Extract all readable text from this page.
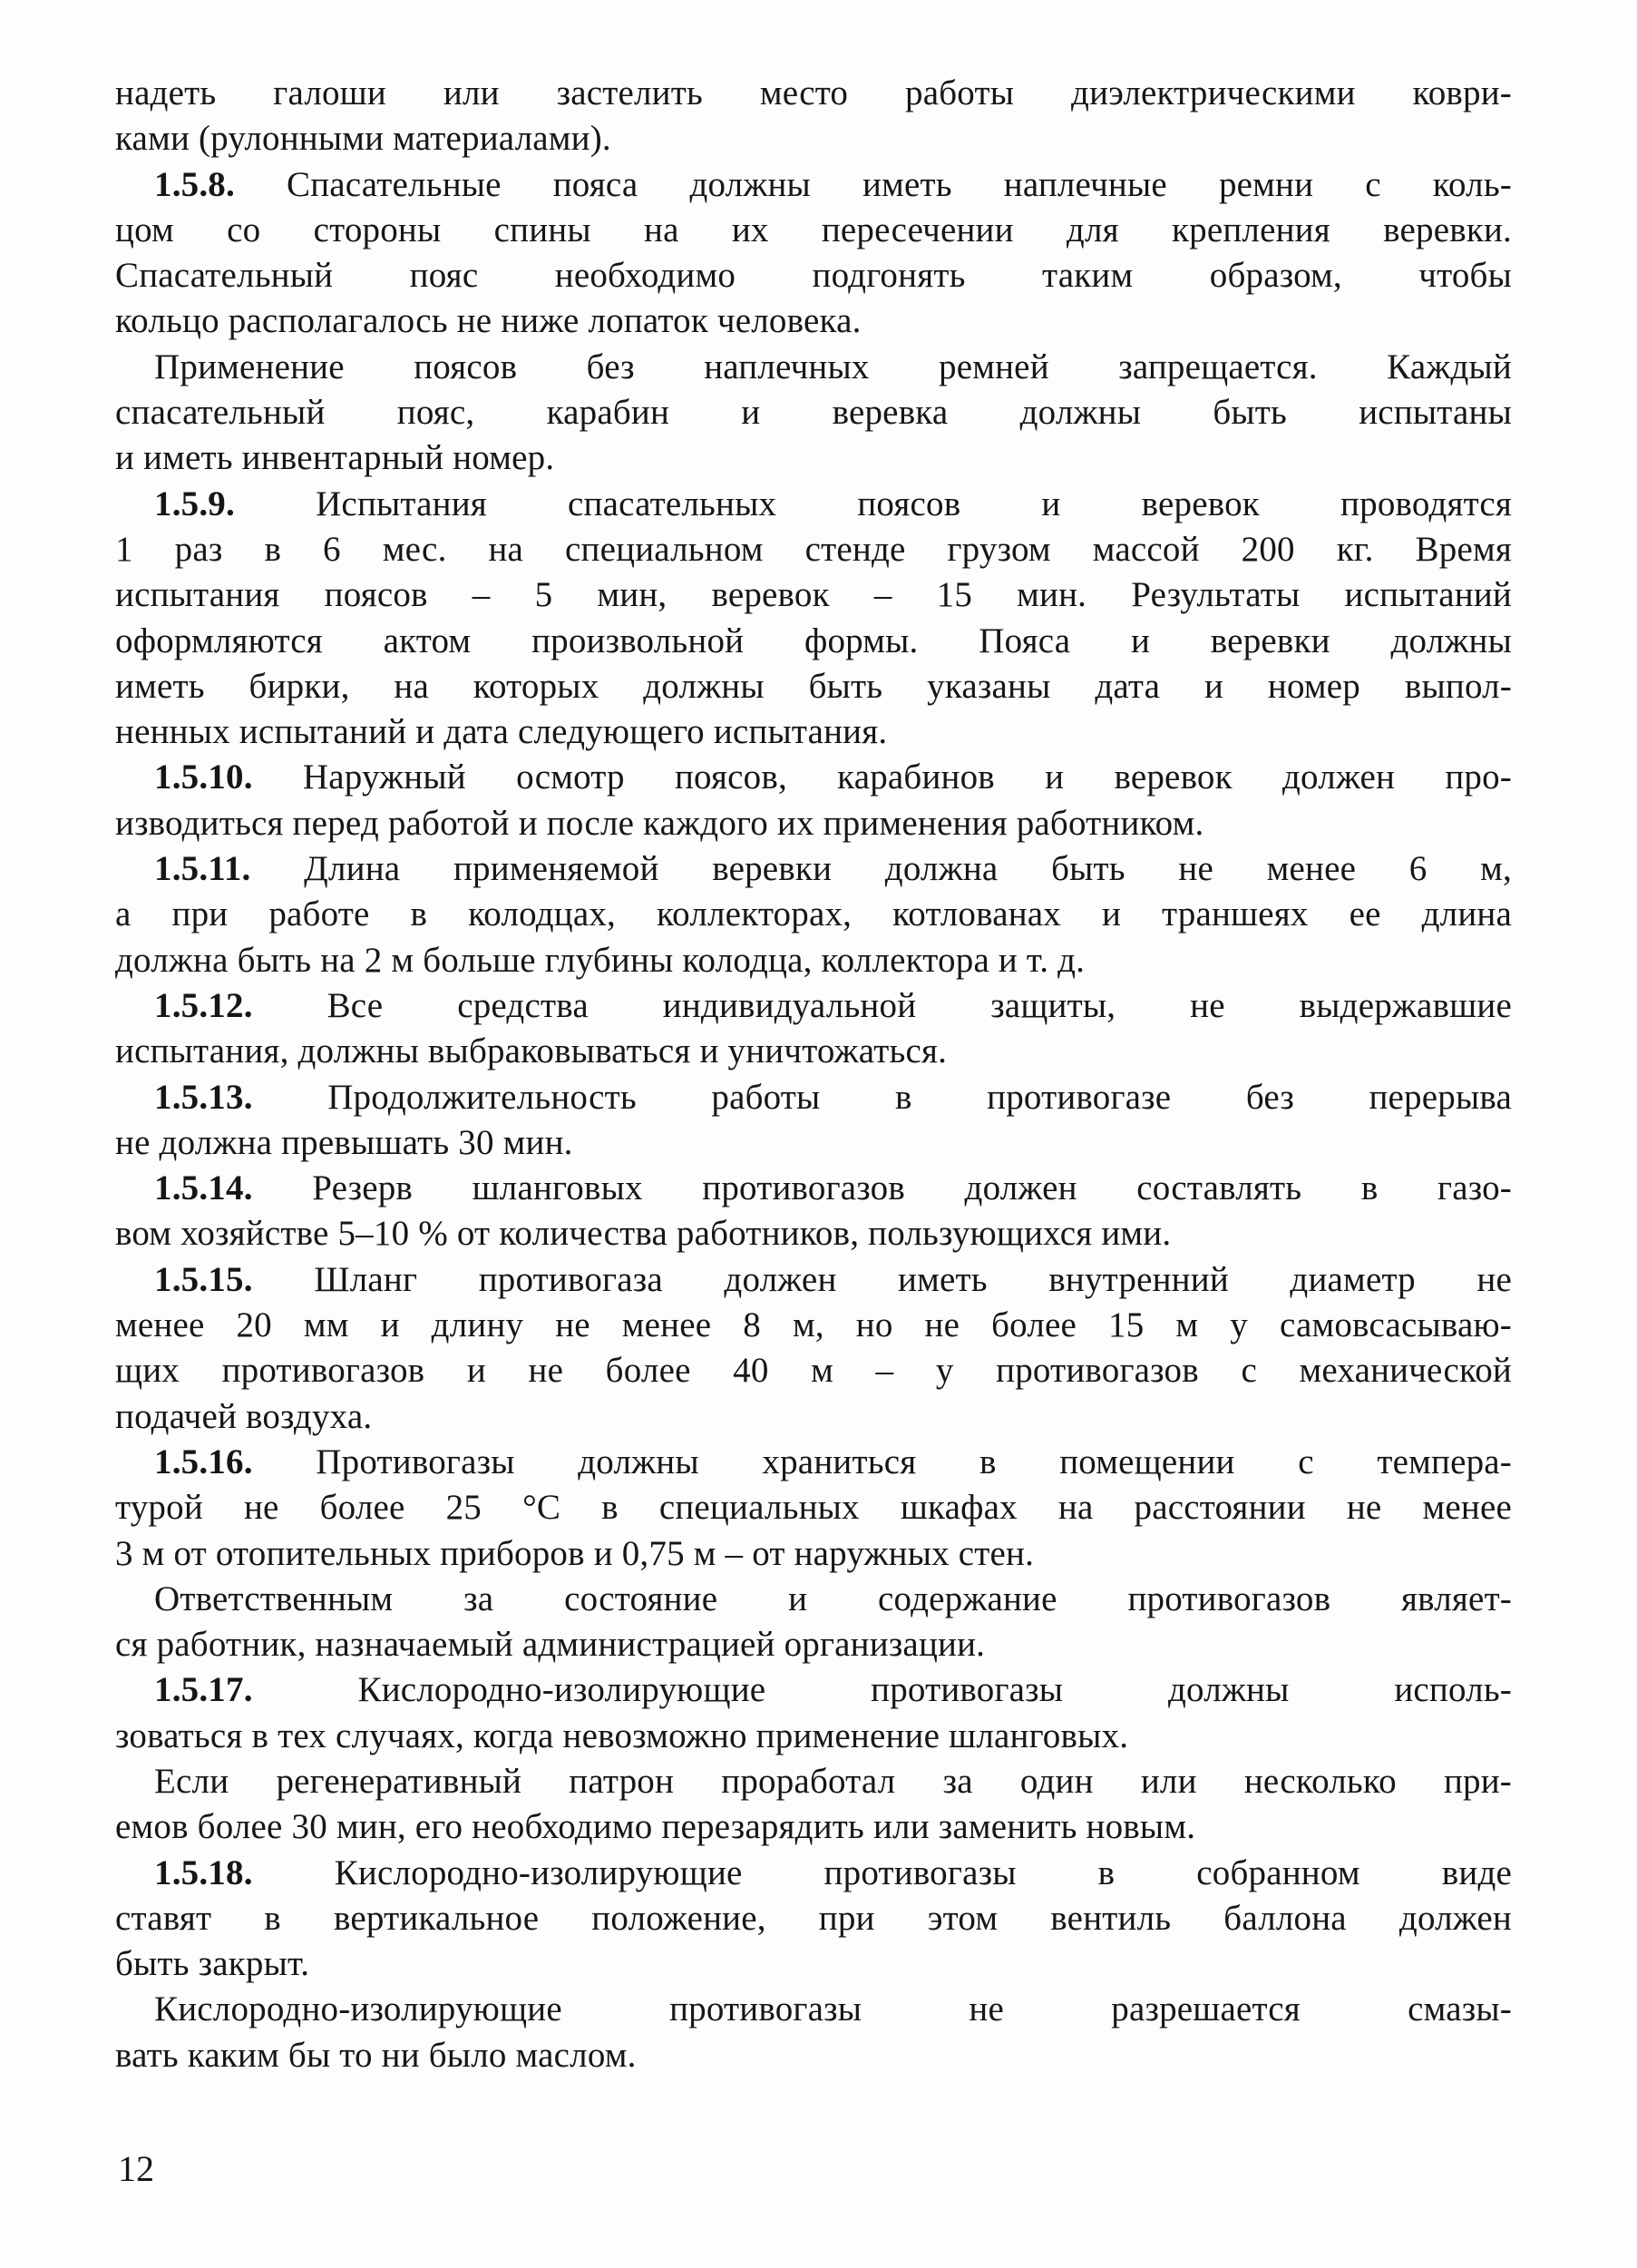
надеть галоши или застелить место работы диэлектрическими коври-
ками (рулонными материалами).
1.5.8. Спасательные пояса должны иметь наплечные ремни с коль-
цом со стороны спины на их пересечении для крепления веревки.
Спасательный пояс необходимо подгонять таким образом, чтобы
кольцо располагалось не ниже лопаток человека.
Применение поясов без наплечных ремней запрещается. Каждый
спасательный пояс, карабин и веревка должны быть испытаны
и иметь инвентарный номер.
1.5.9. Испытания спасательных поясов и веревок проводятся
1 раз в 6 мес. на специальном стенде грузом массой 200 кг. Время
испытания поясов – 5 мин, веревок – 15 мин. Результаты испытаний
оформляются актом произвольной формы. Пояса и веревки должны
иметь бирки, на которых должны быть указаны дата и номер выпол-
ненных испытаний и дата следующего испытания.
1.5.10. Наружный осмотр поясов, карабинов и веревок должен про-
изводиться перед работой и после каждого их применения работником.
1.5.11. Длина применяемой веревки должна быть не менее 6 м,
а при работе в колодцах, коллекторах, котлованах и траншеях ее длина
должна быть на 2 м больше глубины колодца, коллектора и т. д.
1.5.12. Все средства индивидуальной защиты, не выдержавшие
испытания, должны выбраковываться и уничтожаться.
1.5.13. Продолжительность работы в противогазе без перерыва
не должна превышать 30 мин.
1.5.14. Резерв шланговых противогазов должен составлять в газо-
вом хозяйстве 5–10 % от количества работников, пользующихся ими.
1.5.15. Шланг противогаза должен иметь внутренний диаметр не
менее 20 мм и длину не менее 8 м, но не более 15 м у самовсасываю-
щих противогазов и не более 40 м – у противогазов с механической
подачей воздуха.
1.5.16. Противогазы должны храниться в помещении с темпера-
турой не более 25 °С в специальных шкафах на расстоянии не менее
3 м от отопительных приборов и 0,75 м – от наружных стен.
Ответственным за состояние и содержание противогазов являет-
ся работник, назначаемый администрацией организации.
1.5.17. Кислородно-изолирующие противогазы должны исполь-
зоваться в тех случаях, когда невозможно применение шланговых.
Если регенеративный патрон проработал за один или несколько при-
емов более 30 мин, его необходимо перезарядить или заменить новым.
1.5.18. Кислородно-изолирующие противогазы в собранном виде
ставят в вертикальное положение, при этом вентиль баллона должен
быть закрыт.
Кислородно-изолирующие противогазы не разрешается смазы-
вать каким бы то ни было маслом.
12
